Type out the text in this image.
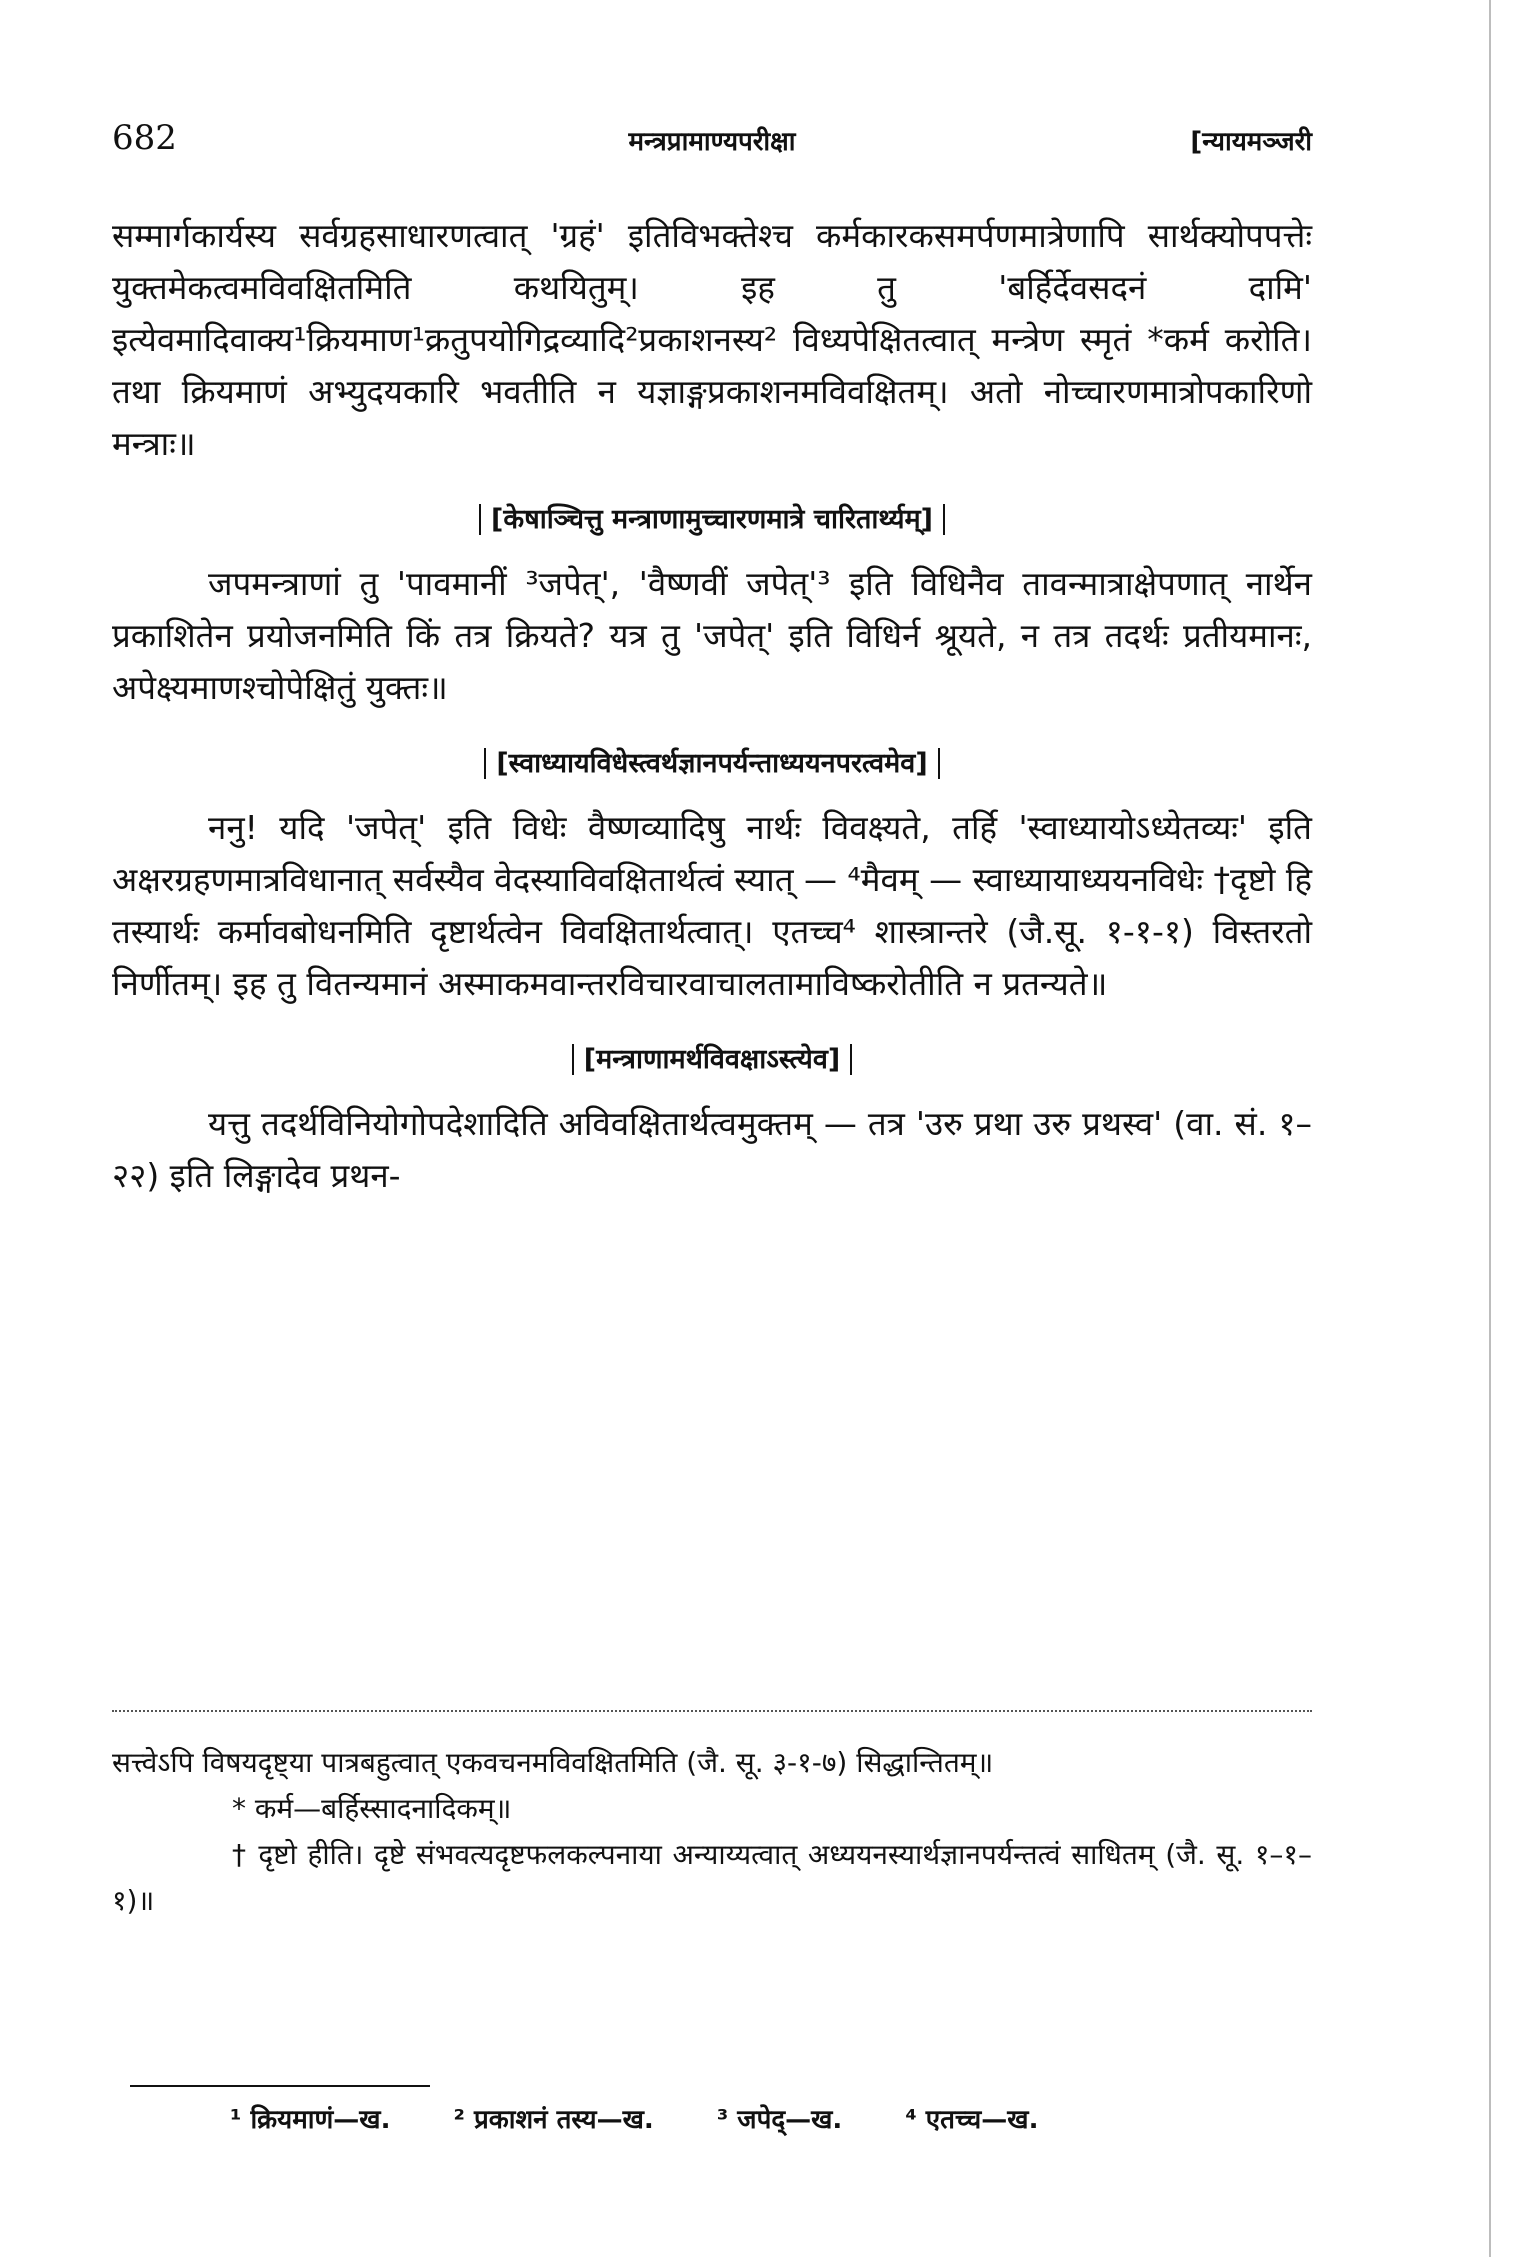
682	मन्त्रप्रामाण्यपरीक्षा	[न्यायमञ्जरी

सम्मार्गकार्यस्य सर्वग्रहसाधारणत्वात् 'ग्रहं' इतिविभक्तेश्च कर्मकारकसमर्पणमात्रेणापि सार्थक्योपपत्तेः युक्तमेकत्वमविवक्षितमिति कथयितुम्। इह तु 'बर्हिर्देवसदनं दामि' इत्येवमादिवाक्य¹क्रियमाण¹क्रतुपयोगिद्रव्यादि²प्रकाशनस्य² विध्यपेक्षितत्वात् मन्त्रेण स्मृतं *कर्म करोति। तथा क्रियमाणं अभ्युदयकारि भवतीति न यज्ञाङ्गप्रकाशनमविवक्षितम्। अतो नोच्चारणमात्रोपकारिणो मन्त्राः॥

[केषाञ्चित्तु मन्त्राणामुच्चारणमात्रे चारितार्थ्यम्]

जपमन्त्राणां तु 'पावमानीं ³जपेत्', 'वैष्णवीं जपेत्'³ इति विधिनैव तावन्मात्राक्षेपणात् नार्थेन प्रकाशितेन प्रयोजनमिति किं तत्र क्रियते? यत्र तु 'जपेत्' इति विधिर्न श्रूयते, न तत्र तदर्थः प्रतीयमानः, अपेक्ष्यमाणश्चोपेक्षितुं युक्तः॥

[स्वाध्यायविधेस्त्वर्थज्ञानपर्यन्ताध्ययनपरत्वमेव]

ननु! यदि 'जपेत्' इति विधेः वैष्णव्यादिषु नार्थः विवक्ष्यते, तर्हि 'स्वाध्यायोऽध्येतव्यः' इति अक्षरग्रहणमात्रविधानात् सर्वस्यैव वेदस्याविवक्षितार्थत्वं स्यात् — ⁴मैवम् — स्वाध्यायाध्ययनविधेः †दृष्टो हि तस्यार्थः कर्मावबोधनमिति दृष्टार्थत्वेन विवक्षितार्थत्वात्। एतच्च⁴ शास्त्रान्तरे (जै.सू. १-१-१) विस्तरतो निर्णीतम्। इह तु वितन्यमानं अस्माकमवान्तरविचारवाचालतामाविष्करोतीति न प्रतन्यते॥

[मन्त्राणामर्थविवक्षाऽस्त्येव]

यत्तु तदर्थविनियोगोपदेशादिति अविवक्षितार्थत्वमुक्तम् — तत्र 'उरु प्रथा उरु प्रथस्व' (वा. सं. १–२२) इति लिङ्गादेव प्रथन-

सत्त्वेऽपि विषयदृष्ट्या पात्रबहुत्वात् एकवचनमविवक्षितमिति (जै. सू. ३-१-७) सिद्धान्तितम्॥

* कर्म—बर्हिस्सादनादिकम्॥

† दृष्टो हीति। दृष्टे संभवत्यदृष्टफलकल्पनाया अन्याय्यत्वात् अध्ययनस्यार्थज्ञानपर्यन्तत्वं साधितम् (जै. सू. १–१–१)॥

¹ क्रियमाणं—ख. ² प्रकाशनं तस्य—ख. ³ जपेद्—ख. ⁴ एतच्च—ख.
